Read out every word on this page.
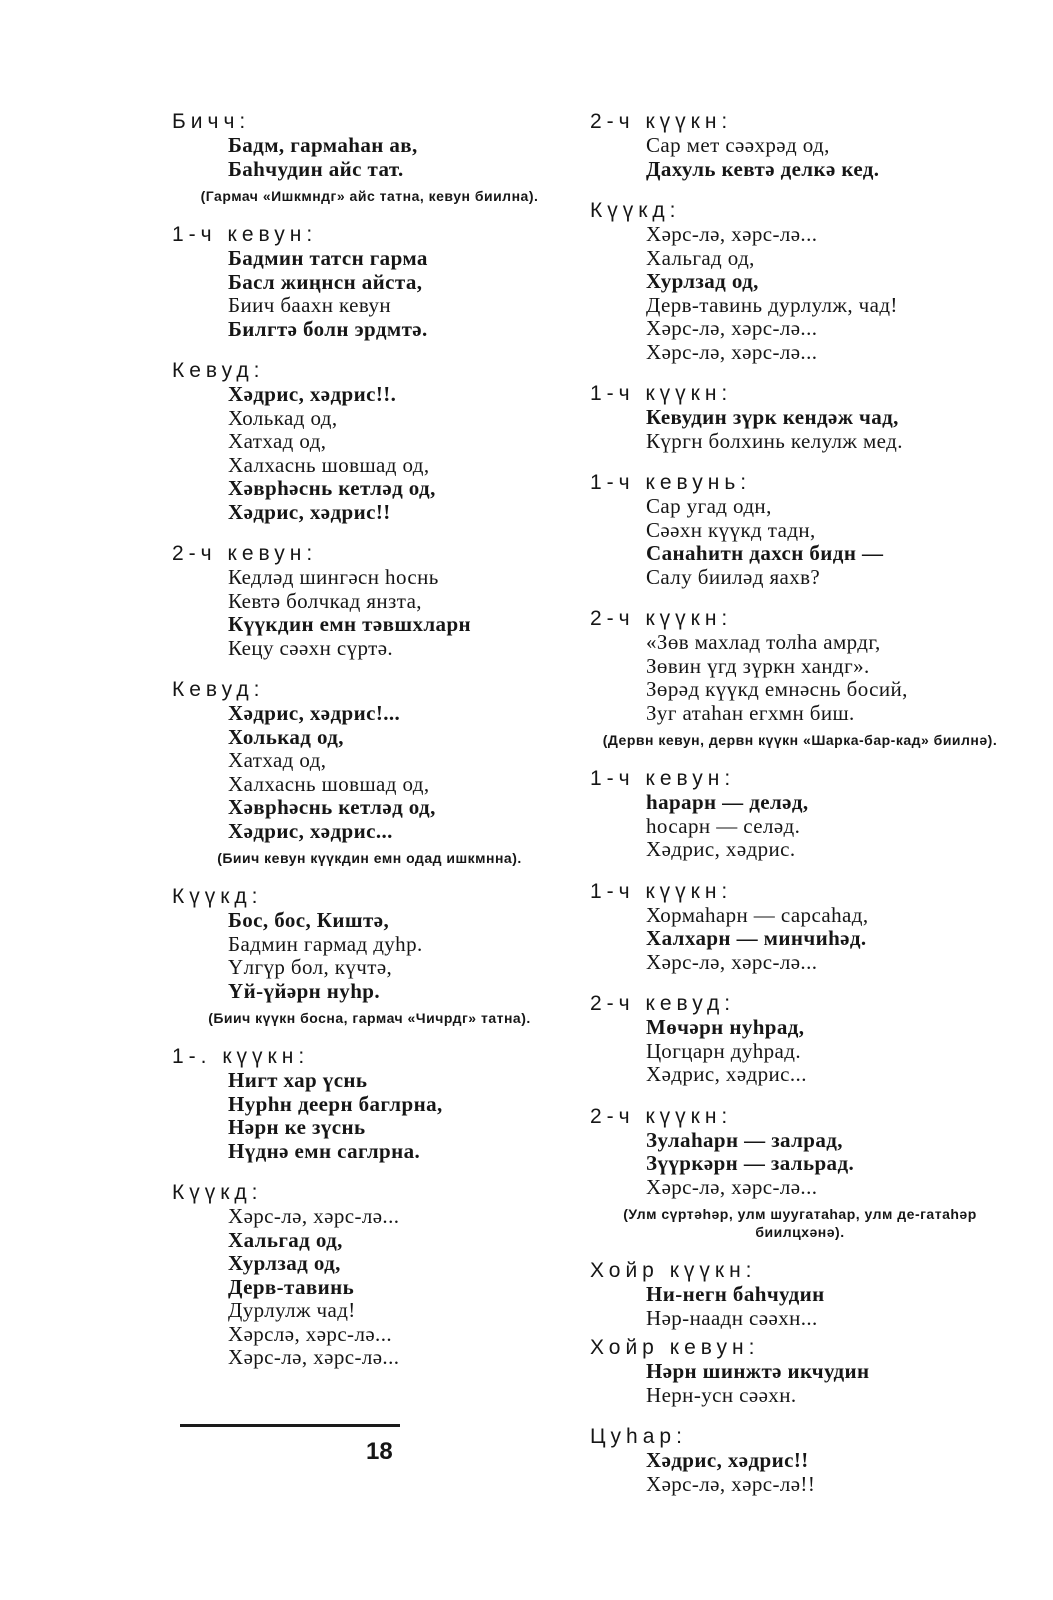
Бичч:
Бадм, гармаhан ав,
Баhчудин айс тат.
(Гармач «Ишкмндг» айс татна, кевун биилна).
1-ч кевун:
Бадмин татсн гарма
Басл жиңнсн айста,
Биич баахн кевун
Билгтә болн эрдмтә.
Кевуд:
Хәдрис, хәдрис!!.
Холькад од,
Хатхад од,
Халхаснь шовшад од,
Хәврhәснь кетләд од,
Хәдрис, хәдрис!!
2-ч кевун:
Кедләд шингәсн hоснь
Кевтә болчкад янзта,
Күүкдин емн тәвшхларн
Кецу сәәхн сүртә.
Кевуд:
Хәдрис, хәдрис!...
Холькад од,
Хатхад од,
Халхаснь шовшад од,
Хәврhәснь кетләд од,
Хәдрис, хәдрис...
(Биич кевун күүкдин емн одад ишкмнна).
Күүкд:
Бос, бос, Киштә,
Бадмин гармад дуhр.
Үлгүр бол, күчтә,
Үй-үйәрн нуhр.
(Биич күүкн босна, гармач «Чичрдг» татна).
1-. күүкн:
Нигт хар үснь
Нурhн деерн баглрна,
Нәрн ке зүснь
Нүднә емн саглрна.
Күүкд:
Хәрс-лә, хәрс-лә...
Хальгад од,
Хурлзад од,
Дерв-тавинь
Дурлулж чад!
Хәрслә, хәрс-лә...
Хәрс-лә, хәрс-лә...
2-ч күүкн:
Сар мет сәәхрәд од,
Дахуль кевтә делкә кед.
Күүкд:
Хәрс-лә, хәрс-лә...
Хальгад од,
Хурлзад од,
Дерв-тавинь дурлулж, чад!
Хәрс-лә, хәрс-лә...
Хәрс-лә, хәрс-лә...
1-ч күүкн:
Кевудин зүрк кендәж чад,
Күргн болхинь келулж мед.
1-ч кевунь:
Сар угад одн,
Сәәхн күүкд тадн,
Санаhитн дахсн бидн —
Салу биилəд яахв?
2-ч күүкн:
«Зөв махлад толhа амрдг,
Зөвин үгд зүркн хандг».
Зөрәд күүкд емнәснь босий,
Зуг атаhан егхмн биш.
(Дервн кевун, дервн күүкн «Шарка-бар-кад» биилнә).
1-ч кевун:
hарарн — деләд,
hосарн — селәд.
Хәдрис, хәдрис.
1-ч күүкн:
Хормаhарн — сарсаhад,
Халхарн — минчиhәд.
Хәрс-лә, хәрс-лә...
2-ч кевуд:
Мөчәрн нуhрад,
Цогцарн дуhрад.
Хәдрис, хәдрис...
2-ч күүкн:
Зулаhарн — залрад,
Зүүркәрн — зальрад.
Хәрс-лә, хәрс-лә...
(Улм сүртәhәр, улм шуугатаhар, улм де-гатаhәр биилцхәнә).
Хойр күүкн:
Ни-негн баhчудин
Нәр-наадн сәәхн...
Хойр кевун:
Нәрн шинжтә икчудин
Нерн-усн сәәхн.
Цуhар:
Хәдрис, хәдрис!!
Хәрс-лә, хәрс-лә!!
18
